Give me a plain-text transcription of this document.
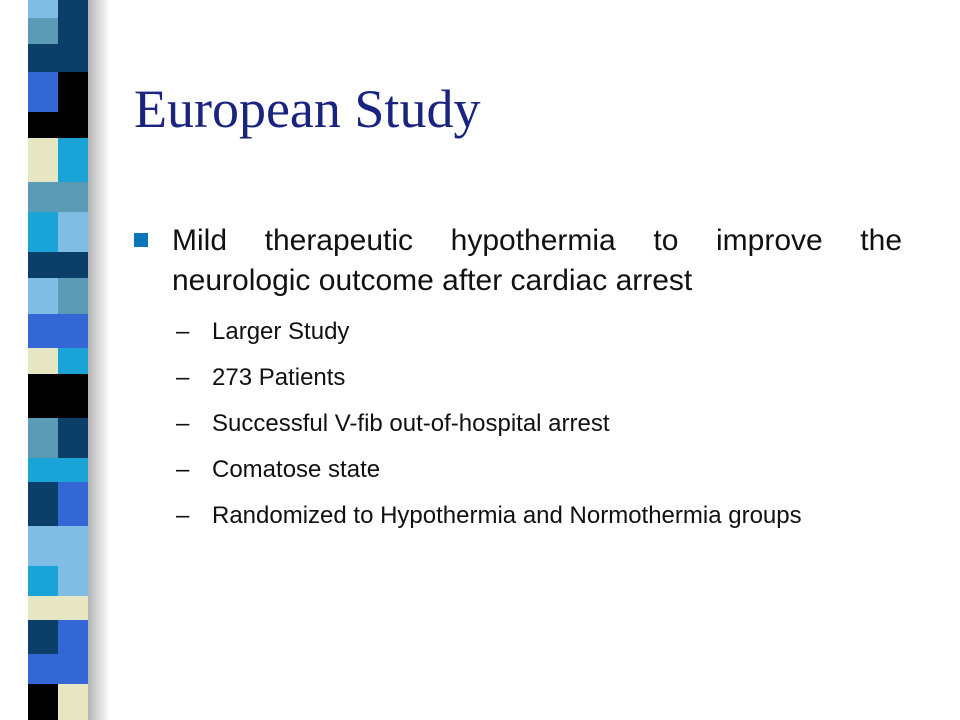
European Study
Mild therapeutic hypothermia to improve the neurologic outcome after cardiac arrest
– Larger Study
– 273 Patients
– Successful V-fib out-of-hospital arrest
– Comatose state
– Randomized to Hypothermia and Normothermia groups
